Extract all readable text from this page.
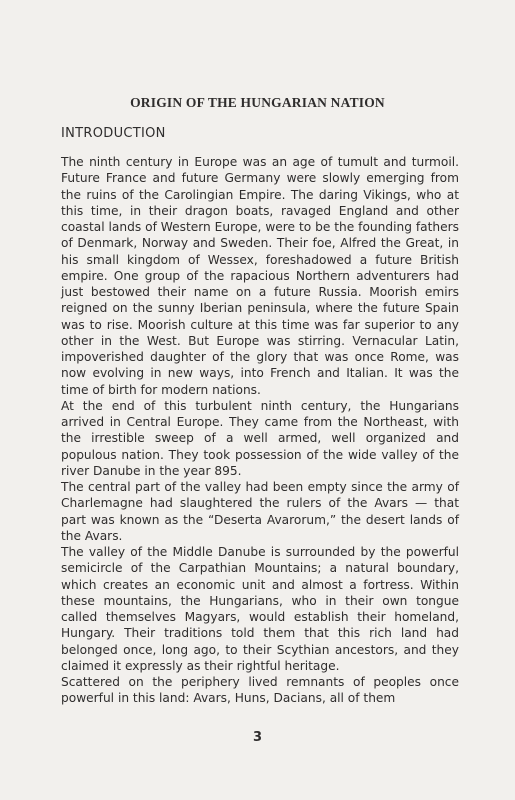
ORIGIN OF THE HUNGARIAN NATION
INTRODUCTION

The ninth century in Europe was an age of tumult and turmoil. Future France and future Germany were slowly emerging from the ruins of the Carolingian Empire. The daring Vikings, who at this time, in their dragon boats, ravaged England and other coastal lands of Western Europe, were to be the founding fathers of Denmark, Norway and Sweden. Their foe, Alfred the Great, in his small kingdom of Wessex, foreshadowed a future British empire. One group of the rapacious Northern adventurers had just bestowed their name on a future Russia. Moorish emirs reigned on the sunny Iberian peninsula, where the future Spain was to rise. Moorish culture at this time was far superior to any other in the West. But Europe was stirring. Vernacular Latin, impoverished daughter of the glory that was once Rome, was now evolving in new ways, into French and Italian. It was the time of birth for modern nations.

At the end of this turbulent ninth century, the Hungarians arrived in Central Europe. They came from the Northeast, with the irrestible sweep of a well armed, well organized and populous nation. They took possession of the wide valley of the river Danube in the year 895.

The central part of the valley had been empty since the army of Charlemagne had slaughtered the rulers of the Avars — that part was known as the “Deserta Avarorum,” the desert lands of the Avars.

The valley of the Middle Danube is surrounded by the powerful semicircle of the Carpathian Mountains; a natural boundary, which creates an economic unit and almost a fortress. Within these mountains, the Hungarians, who in their own tongue called themselves Magyars, would establish their homeland, Hungary. Their traditions told them that this rich land had belonged once, long ago, to their Scythian ancestors, and they claimed it expressly as their rightful heritage.

Scattered on the periphery lived remnants of peoples once powerful in this land: Avars, Huns, Dacians, all of them

3
